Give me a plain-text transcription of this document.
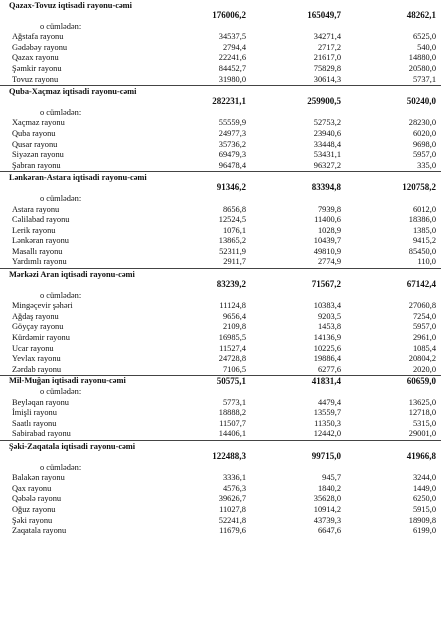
Qazax-Tovuz iqtisadi rayonu-cəmi
176006,2	165049,7	48262,1
o cümlədən:
Ağstafa rayonu	34537,5	34271,4	6525,0
Gədəbəy rayonu	2794,4	2717,2	540,0
Qazax rayonu	22241,6	21617,0	14880,0
Şəmkir rayonu	84452,7	75829,8	20580,0
Tovuz rayonu	31980,0	30614,3	5737,1
Quba-Xaçmaz iqtisadi rayonu-cəmi
282231,1	259900,5	50240,0
o cümlədən:
Xaçmaz rayonu	55559,9	52753,2	28230,0
Quba rayonu	24977,3	23940,6	6020,0
Qusar rayonu	35736,2	33448,4	9698,0
Siyəzən rayonu	69479,3	53431,1	5957,0
Şabran rayonu	96478,4	96327,2	335,0
Lənkəran-Astara iqtisadi rayonu-cəmi
91346,2	83394,8	120758,2
o cümlədən:
Astara rayonu	8656,8	7939,8	6012,0
Cəlilabad rayonu	12524,5	11400,6	18386,0
Lerik rayonu	1076,1	1028,9	1385,0
Lənkəran rayonu	13865,2	10439,7	9415,2
Masallı rayonu	52311,9	49810,9	85450,0
Yardımlı rayonu	2911,7	2774,9	110,0
Mərkəzi Aran iqtisadi rayonu-cəmi
83239,2	71567,2	67142,4
o cümlədən:
Mingəçevir şəhəri	11124,8	10383,4	27060,8
Ağdaş rayonu	9656,4	9203,5	7254,0
Göyçay rayonu	2109,8	1453,8	5957,0
Kürdəmir rayonu	16985,5	14136,9	2961,0
Ucar rayonu	11527,4	10225,6	1085,4
Yevlax rayonu	24728,8	19886,4	20804,2
Zərdab rayonu	7106,5	6277,6	2020,0
Mil-Muğan iqtisadi rayonu-cəmi	50575,1	41831,4	60659,0
o cümlədən:
Beyləqan rayonu	5773,1	4479,4	13625,0
İmişli rayonu	18888,2	13559,7	12718,0
Saatlı rayonu	11507,7	11350,3	5315,0
Sabirabad rayonu	14406,1	12442,0	29001,0
Şəki-Zaqatala iqtisadi rayonu-cəmi
122488,3	99715,0	41966,8
o cümlədən:
Balakən rayonu	3336,1	945,7	3244,0
Qax rayonu	4576,3	1840,2	1449,0
Qəbələ rayonu	39626,7	35628,0	6250,0
Oğuz rayonu	11027,8	10914,2	5915,0
Şəki rayonu	52241,8	43739,3	18909,8
Zaqatala rayonu	11679,6	6647,6	6199,0
